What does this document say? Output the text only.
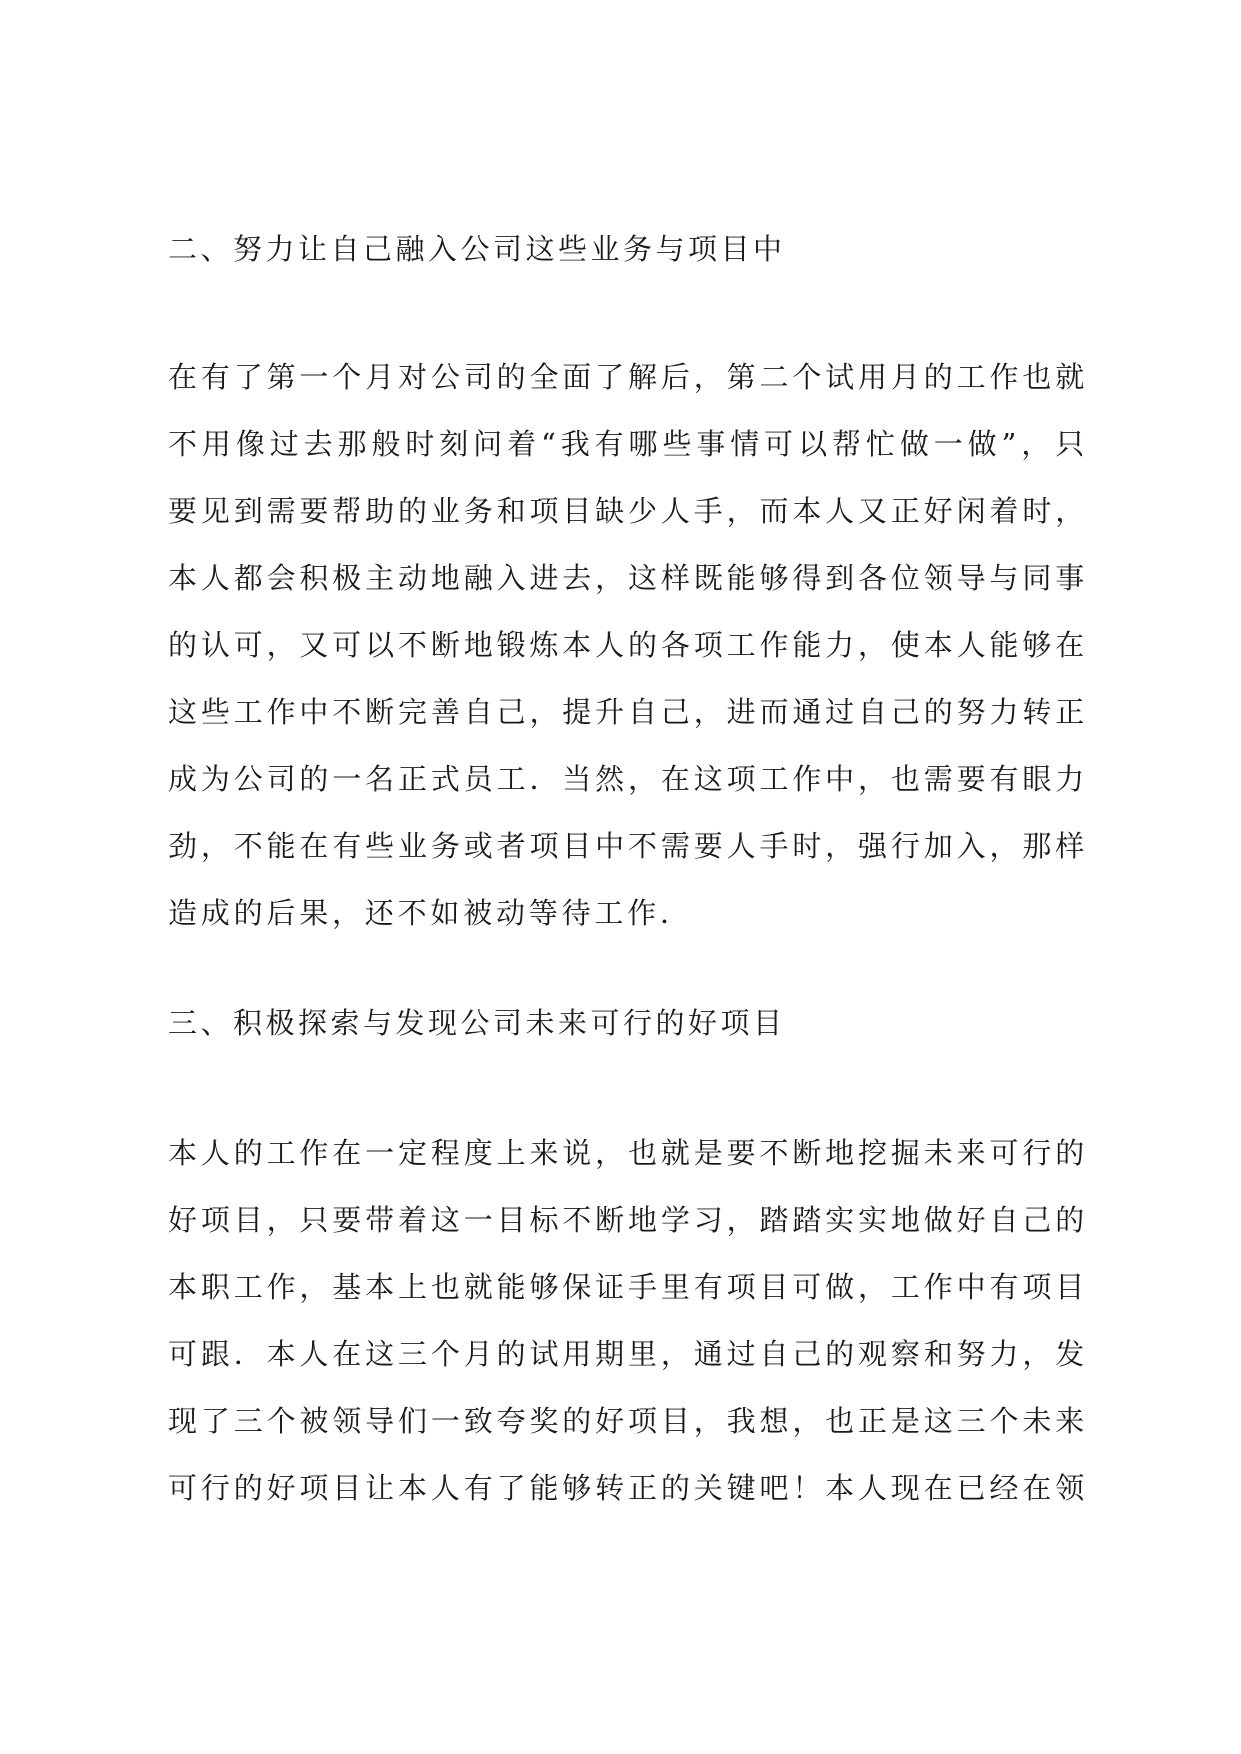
二、努力让自己融入公司这些业务与项目中
在有了第一个月对公司的全面了解后，第二个试用月的工作也就
不用像过去那般时刻问着“我有哪些事情可以帮忙做一做”，只
要见到需要帮助的业务和项目缺少人手，而本人又正好闲着时，
本人都会积极主动地融入进去，这样既能够得到各位领导与同事
的认可，又可以不断地锻炼本人的各项工作能力，使本人能够在
这些工作中不断完善自己，提升自己，进而通过自己的努力转正
成为公司的一名正式员工．当然，在这项工作中，也需要有眼力
劲，不能在有些业务或者项目中不需要人手时，强行加入，那样
造成的后果，还不如被动等待工作．
三、积极探索与发现公司未来可行的好项目
本人的工作在一定程度上来说，也就是要不断地挖掘未来可行的
好项目，只要带着这一目标不断地学习，踏踏实实地做好自己的
本职工作，基本上也就能够保证手里有项目可做，工作中有项目
可跟．本人在这三个月的试用期里，通过自己的观察和努力，发
现了三个被领导们一致夸奖的好项目，我想，也正是这三个未来
可行的好项目让本人有了能够转正的关键吧！本人现在已经在领
